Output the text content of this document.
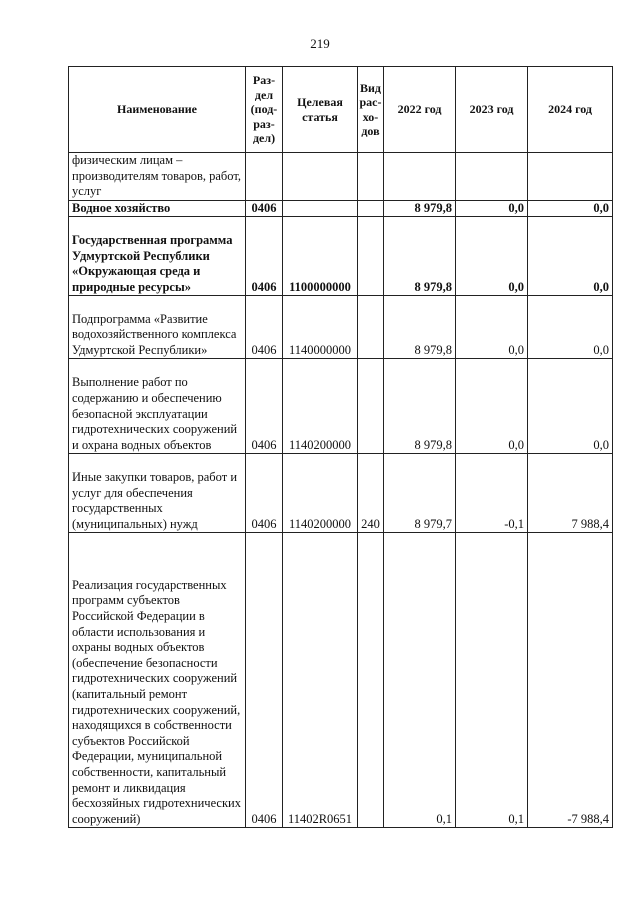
219
Наименование	Раз-
дел
(под-
раз-
дел)	Целевая
статья	Вид
рас-
хо-
дов	2022 год	2023 год	2024 год
физическим лицам – производителям товаров, работ, услуг						
Водное хозяйство	0406			8 979,8	0,0	0,0
Государственная программа Удмуртской Республики «Окружающая среда и природные ресурсы»	0406	1100000000		8 979,8	0,0	0,0
Подпрограмма «Развитие водохозяйственного комплекса Удмуртской Республики»	0406	1140000000		8 979,8	0,0	0,0
Выполнение работ по содержанию и обеспечению безопасной эксплуатации гидротехнических сооружений и охрана водных объектов	0406	1140200000		8 979,8	0,0	0,0
Иные закупки товаров, работ и услуг для обеспечения государственных (муниципальных) нужд	0406	1140200000	240	8 979,7	-0,1	7 988,4
Реализация государственных программ субъектов Российской Федерации в области использования и охраны водных объектов (обеспечение безопасности гидротехнических сооружений (капитальный ремонт гидротехнических сооружений, находящихся в собственности субъектов Российской Федерации, муниципальной собственности, капитальный ремонт и ликвидация бесхозяйных гидротехнических сооружений)	0406	11402R0651		0,1	0,1	-7 988,4
